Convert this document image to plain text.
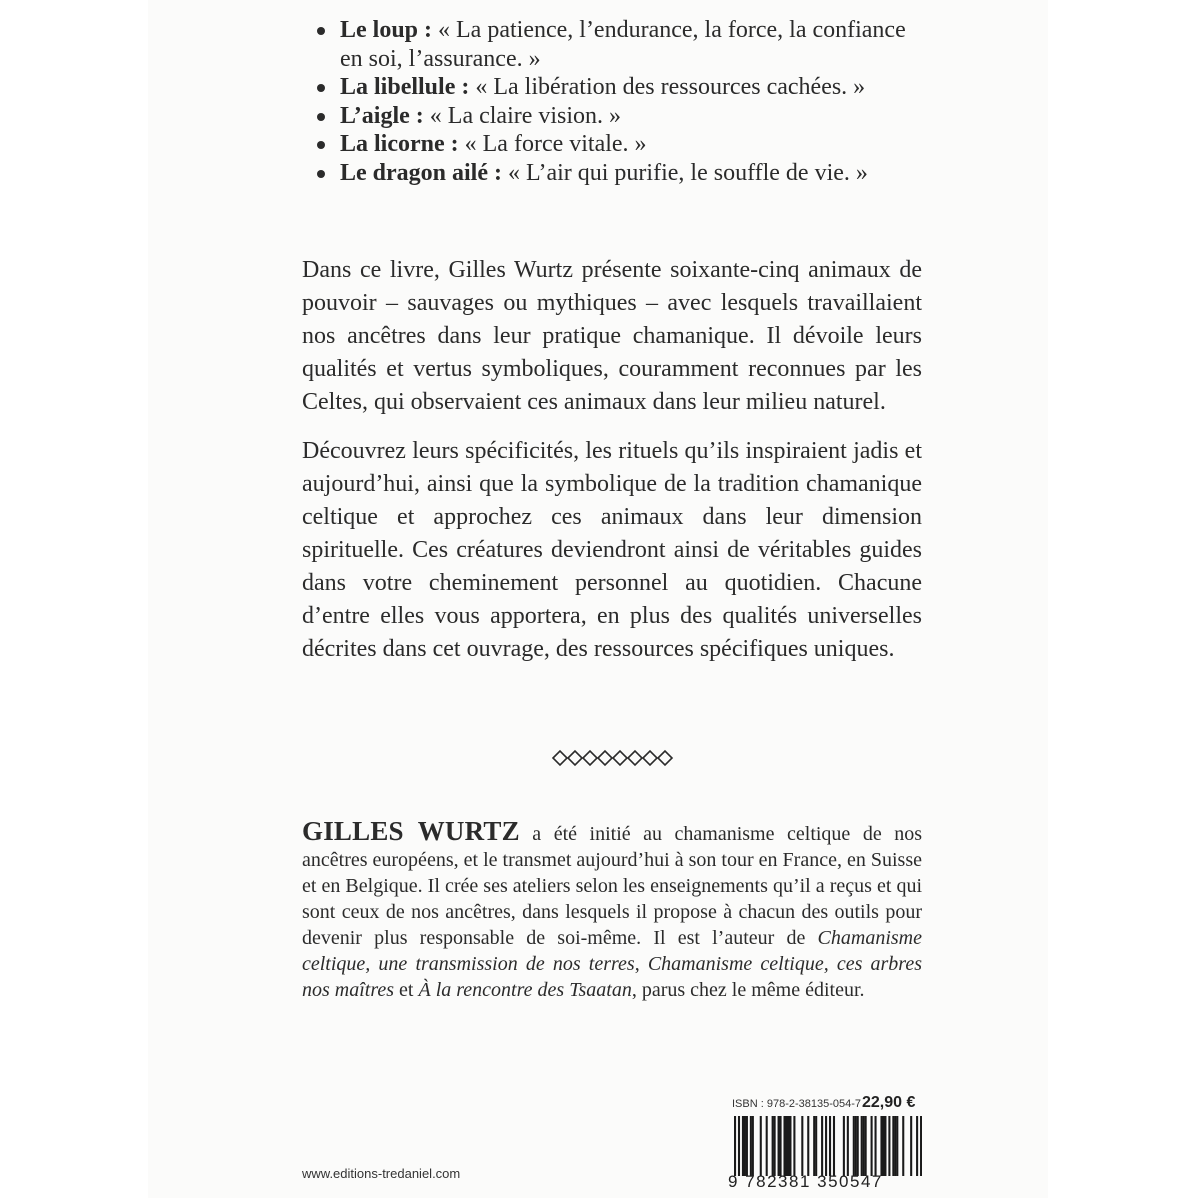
Le loup : « La patience, l’endurance, la force, la confiance en soi, l’assurance. »
La libellule : « La libération des ressources cachées. »
L’aigle : « La claire vision. »
La licorne : « La force vitale. »
Le dragon ailé : « L’air qui purifie, le souffle de vie. »

Dans ce livre, Gilles Wurtz présente soixante-cinq animaux de pouvoir – sauvages ou mythiques – avec lesquels travaillaient nos ancêtres dans leur pratique chamanique. Il dévoile leurs qualités et vertus symboliques, couramment reconnues par les Celtes, qui observaient ces animaux dans leur milieu naturel.

Découvrez leurs spécificités, les rituels qu’ils inspiraient jadis et aujourd’hui, ainsi que la symbolique de la tradition chamanique celtique et approchez ces animaux dans leur dimension spirituelle. Ces créatures deviendront ainsi de véritables guides dans votre cheminement personnel au quotidien. Chacune d’entre elles vous apportera, en plus des qualités universelles décrites dans cet ouvrage, des ressources spécifiques uniques.

GILLES WURTZ a été initié au chamanisme celtique de nos ancêtres européens, et le transmet aujourd’hui à son tour en France, en Suisse et en Belgique. Il crée ses ateliers selon les enseignements qu’il a reçus et qui sont ceux de nos ancêtres, dans lesquels il propose à chacun des outils pour devenir plus responsable de soi-même. Il est l’auteur de Chamanisme celtique, une transmission de nos terres, Chamanisme celtique, ces arbres nos maîtres et À la rencontre des Tsaatan, parus chez le même éditeur.
ISBN : 978-2-38135-054-7 22,90 €
9 782381 350547
www.editions-tredaniel.com
